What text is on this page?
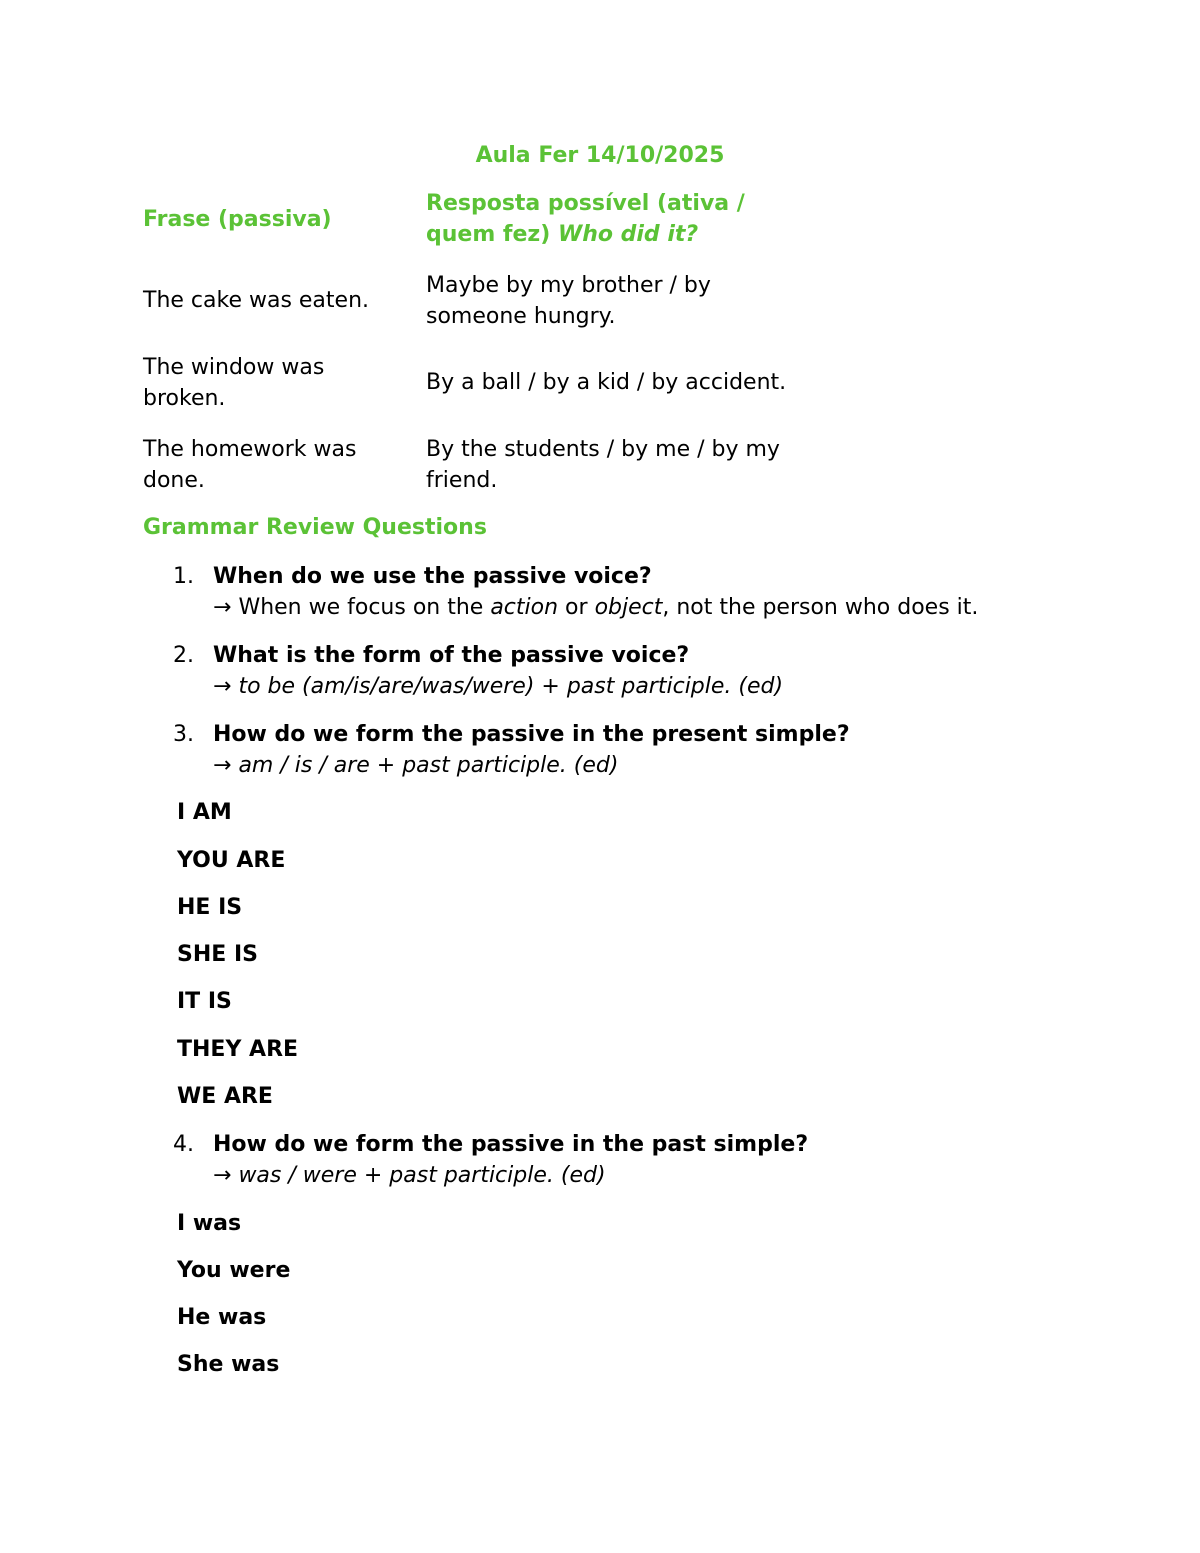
Aula Fer 14/10/2025
Frase (passiva)
Resposta possível (ativa /
quem fez) Who did it?
The cake was eaten.
Maybe by my brother / by
someone hungry.
The window was
broken.
By a ball / by a kid / by accident.
The homework was
done.
By the students / by me / by my
friend.
Grammar Review Questions
1. When do we use the passive voice?
→ When we focus on the action or object, not the person who does it.
2. What is the form of the passive voice?
→ to be (am/is/are/was/were) + past participle. (ed)
3. How do we form the passive in the present simple?
→ am / is / are + past participle. (ed)
I AM
YOU ARE
HE IS
SHE IS
IT IS
THEY ARE
WE ARE
4. How do we form the passive in the past simple?
→ was / were + past participle. (ed)
I was
You were
He was
She was
